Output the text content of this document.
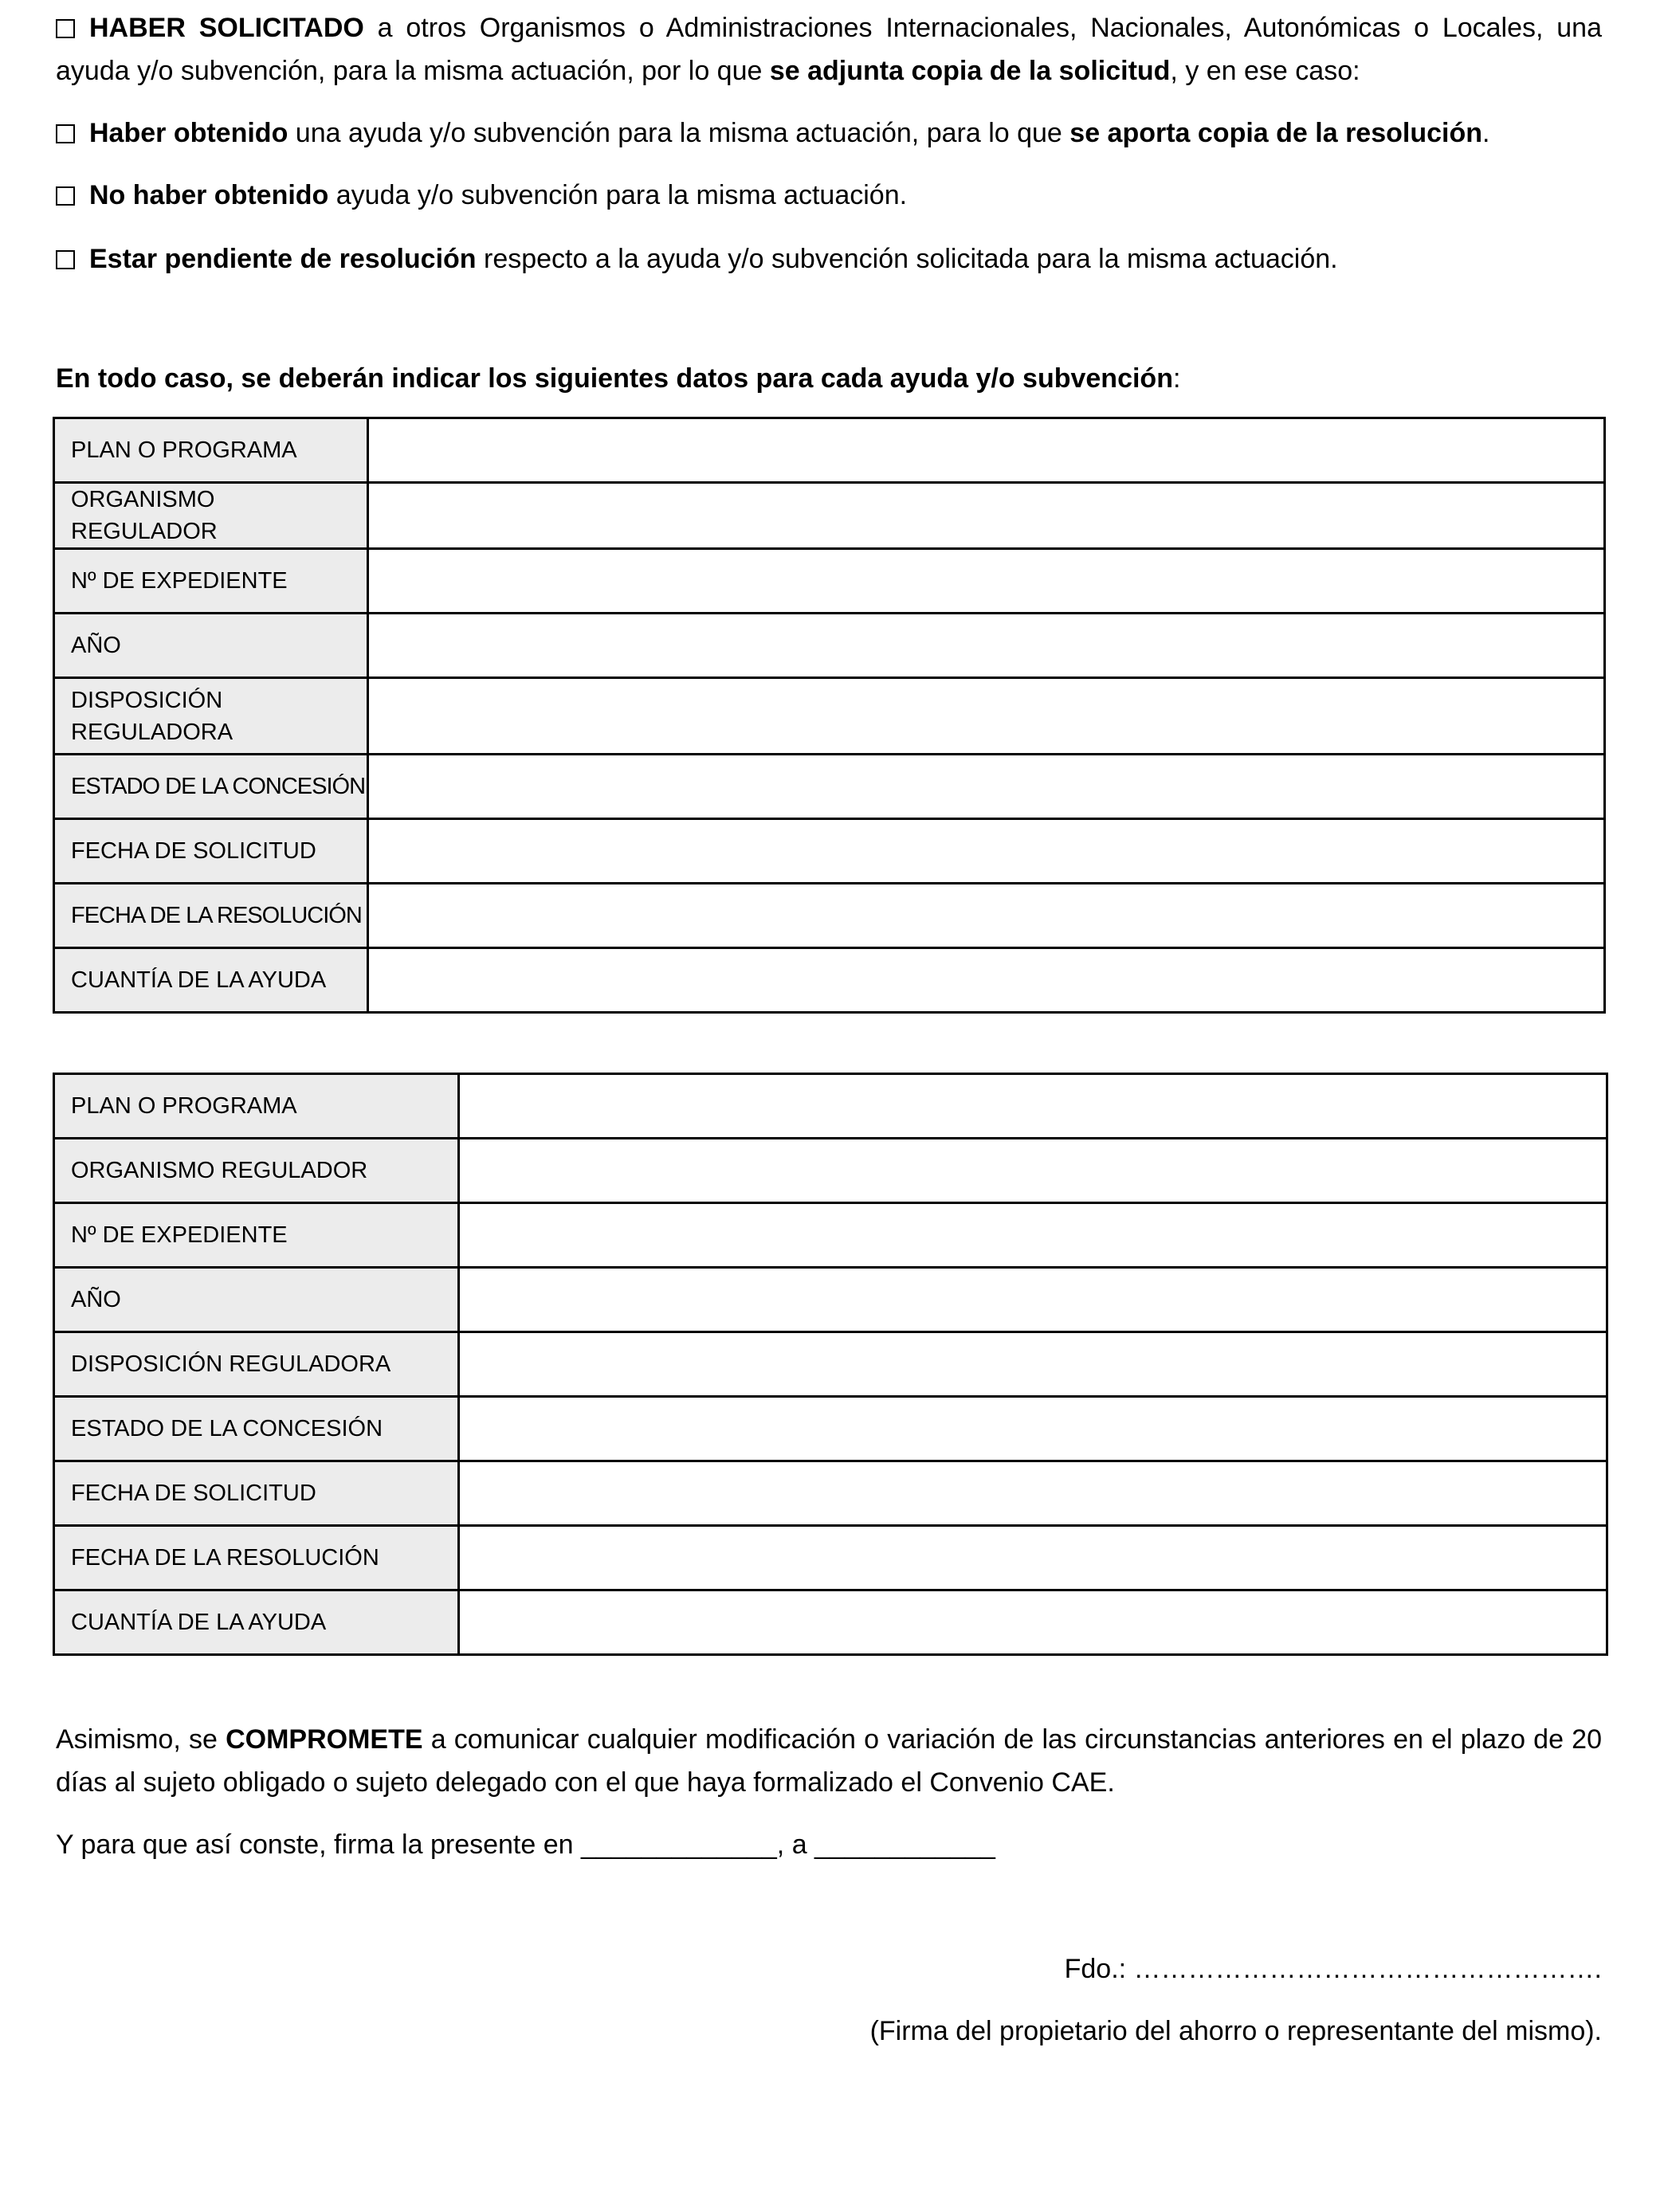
HABER SOLICITADO a otros Organismos o Administraciones Internacionales, Nacionales, Autonómicas o Locales, una ayuda y/o subvención, para la misma actuación, por lo que se adjunta copia de la solicitud, y en ese caso:
Haber obtenido una ayuda y/o subvención para la misma actuación, para lo que se aporta copia de la resolución.
No haber obtenido ayuda y/o subvención para la misma actuación.
Estar pendiente de resolución respecto a la ayuda y/o subvención solicitada para la misma actuación.
En todo caso, se deberán indicar los siguientes datos para cada ayuda y/o subvención:
PLAN O PROGRAMA	
ORGANISMO REGULADOR	
Nº DE EXPEDIENTE	
AÑO	
DISPOSICIÓN REGULADORA	
ESTADO DE LA CONCESIÓN	
FECHA DE SOLICITUD	
FECHA DE LA RESOLUCIÓN	
CUANTÍA DE LA AYUDA	
PLAN O PROGRAMA	
ORGANISMO REGULADOR	
Nº DE EXPEDIENTE	
AÑO	
DISPOSICIÓN REGULADORA	
ESTADO DE LA CONCESIÓN	
FECHA DE SOLICITUD	
FECHA DE LA RESOLUCIÓN	
CUANTÍA DE LA AYUDA	
Asimismo, se COMPROMETE a comunicar cualquier modificación o variación de las circunstancias anteriores en el plazo de 20 días al sujeto obligado o sujeto delegado con el que haya formalizado el Convenio CAE.
Y para que así conste, firma la presente en _____________, a ____________
Fdo.: …………………………………………….
(Firma del propietario del ahorro o representante del mismo).
